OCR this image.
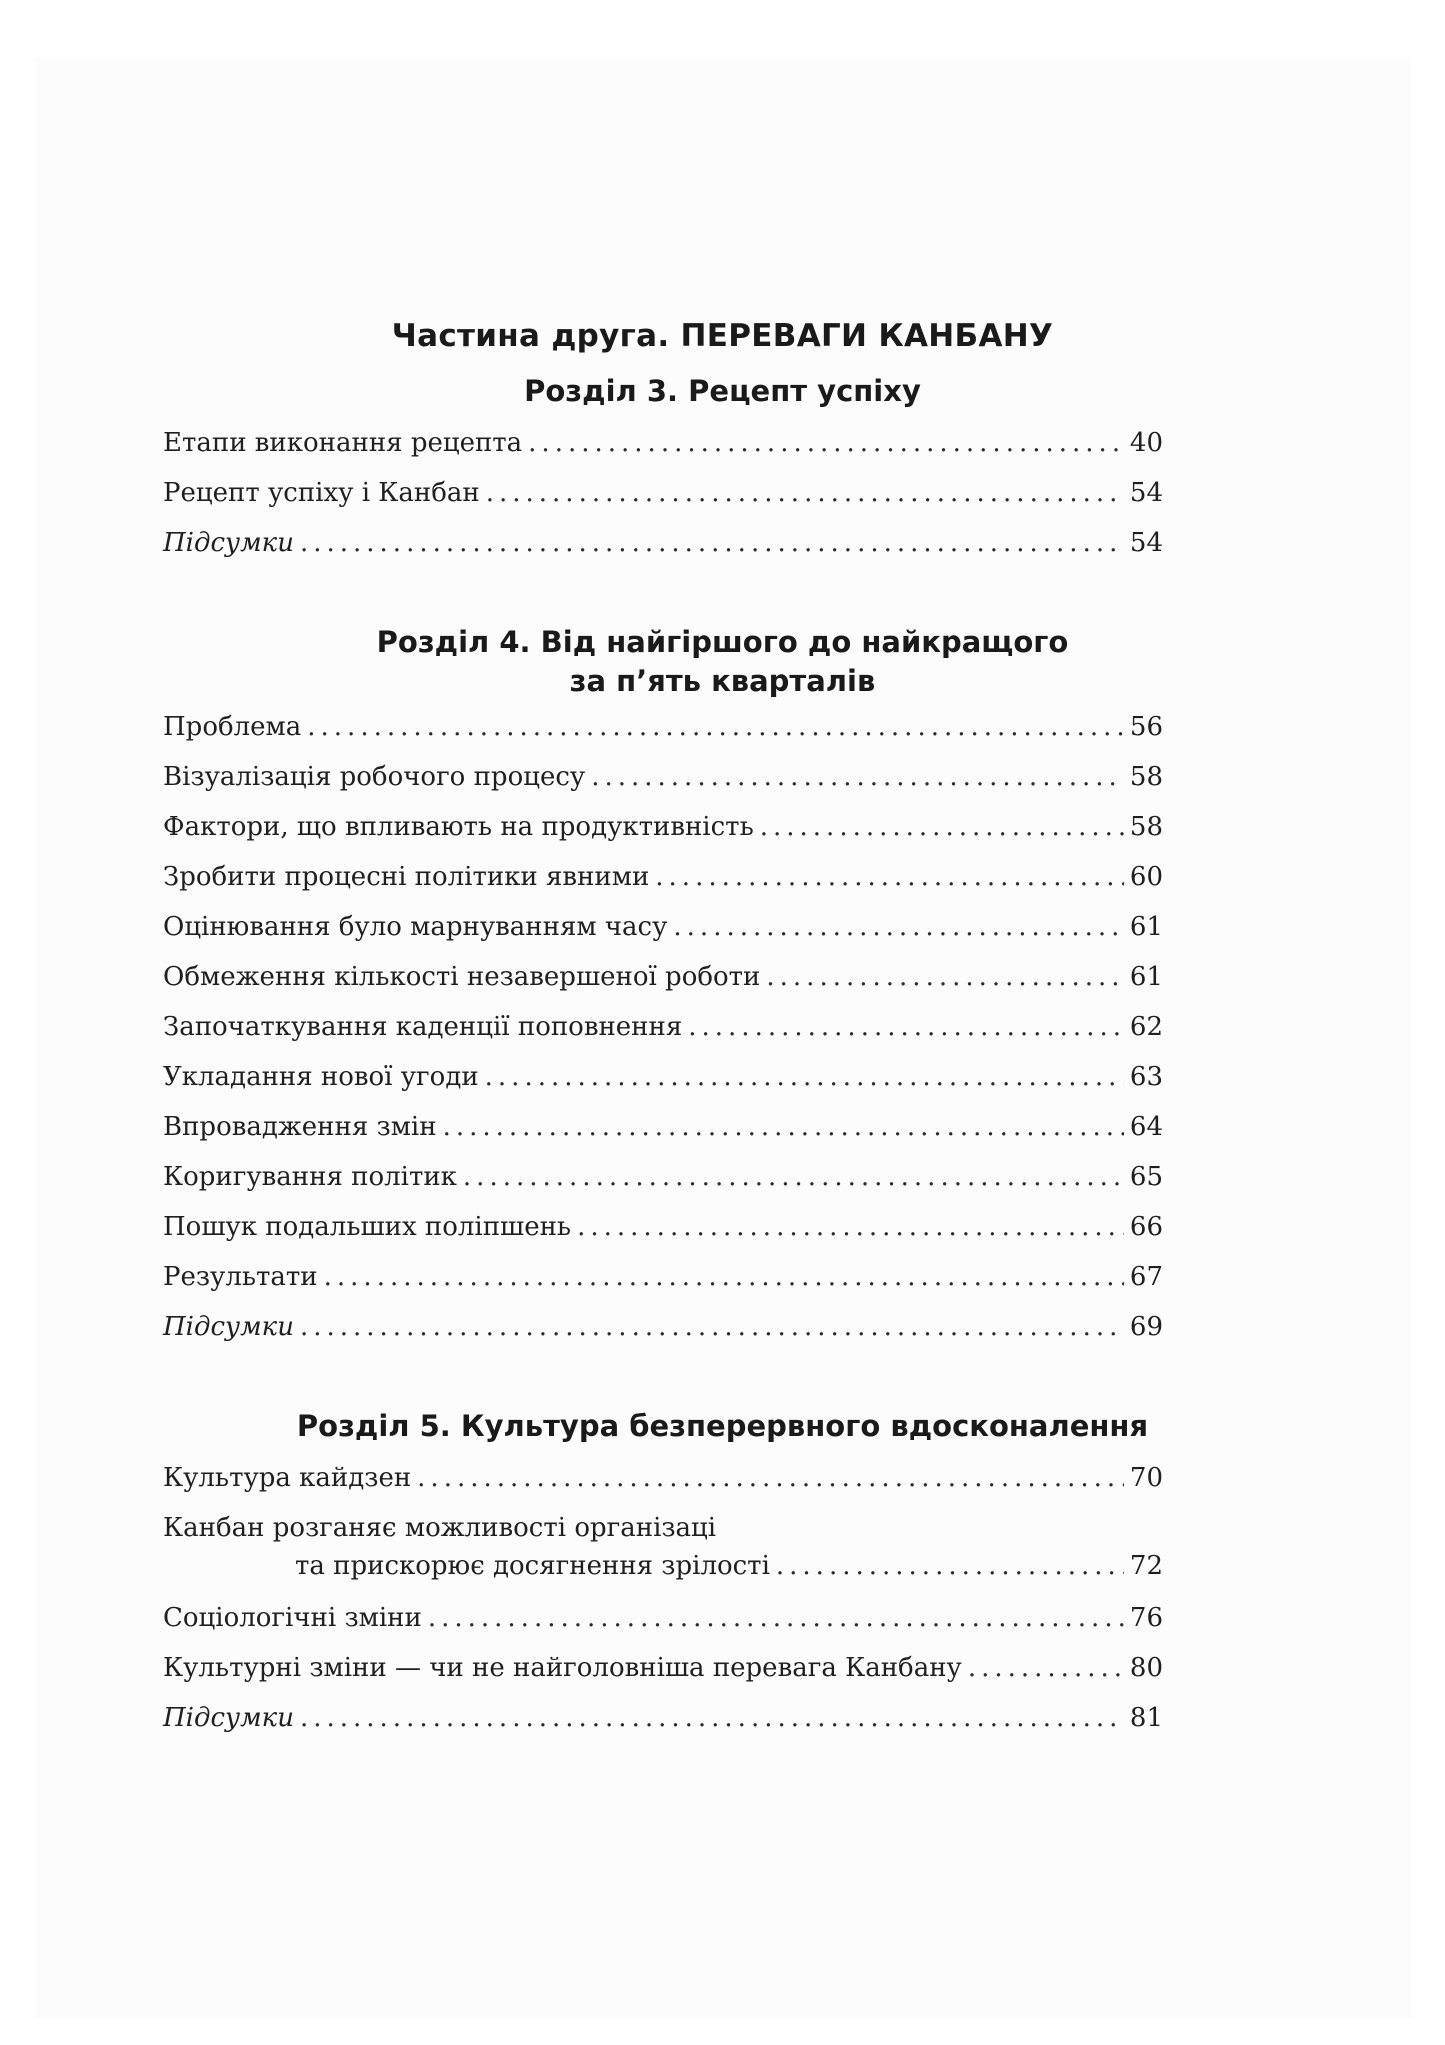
Частина друга. ПЕРЕВАГИ КАНБАНУ
Розділ 3. Рецепт успіху
Етапи виконання рецепта .....	40
Рецепт успіху і Канбан .....	54
Підсумки .....	54
Розділ 4. Від найгіршого до найкращого
за п’ять кварталів
Проблема .....	56
Візуалізація робочого процесу .....	58
Фактори, що впливають на продуктивність .....	58
Зробити процесні політики явними .....	60
Оцінювання було марнуванням часу .....	61
Обмеження кількості незавершеної роботи .....	61
Започаткування каденції поповнення .....	62
Укладання нової угоди .....	63
Впровадження змін .....	64
Коригування політик .....	65
Пошук подальших поліпшень .....	66
Результати .....	67
Підсумки .....	69
Розділ 5. Культура безперервного вдосконалення
Культура кайдзен .....	70
Канбан розганяє можливості організаці
та прискорює досягнення зрілості .....	72
Соціологічні зміни .....	76
Культурні зміни — чи не найголовніша перевага Канбану .....	80
Підсумки .....	81
